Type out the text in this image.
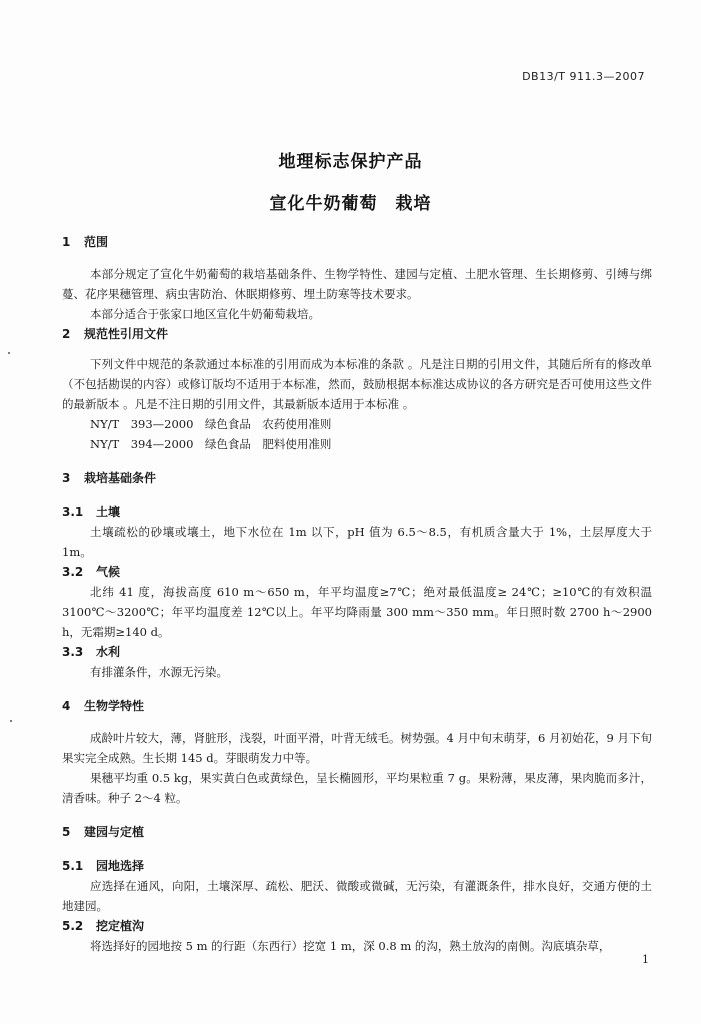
DB13/T 911.3—2007
地理标志保护产品
宣化牛奶葡萄　栽培
1 范围

本部分规定了宣化牛奶葡萄的栽培基础条件、生物学特性、建园与定植、土肥水管理、生长期修剪、引缚与绑蔓、花序果穗管理、病虫害防治、休眠期修剪、埋土防寒等技术要求。

本部分适合于张家口地区宣化牛奶葡萄栽培。

2 规范性引用文件

下列文件中规范的条款通过本标准的引用而成为本标准的条款 。凡是注日期的引用文件，其随后所有的修改单（不包括勘误的内容）或修订版均不适用于本标准，然而，鼓励根据本标准达成协议的各方研究是否可使用这些文件的最新版本 。凡是不注日期的引用文件，其最新版本适用于本标准 。

NY/T　393—2000　绿色食品　农药使用准则

NY/T　394—2000　绿色食品　肥料使用准则

3 栽培基础条件
3.1 土壤

土壤疏松的砂壤或壤土，地下水位在 1m 以下，pH 值为 6.5～8.5，有机质含量大于 1%，土层厚度大于 1m。

3.2 气候

北纬 41 度，海拔高度 610 m～650 m，年平均温度≥7℃；绝对最低温度≥ 24℃；≥10℃的有效积温 3100℃～3200℃；年平均温度差 12℃以上。年平均降雨量 300 mm～350 mm。年日照时数 2700 h～2900 h，无霜期≥140 d。

3.3 水利

有排灌条件，水源无污染。

4 生物学特性

成龄叶片较大，薄，肾脏形，浅裂，叶面平滑，叶背无绒毛。树势强。4 月中旬末萌芽，6 月初始花，9 月下旬果实完全成熟。生长期 145 d。芽眼萌发力中等。

果穗平均重 0.5 kg，果实黄白色或黄绿色，呈长椭圆形，平均果粒重 7 g。果粉薄，果皮薄，果肉脆而多汁，清香味。种子 2～4 粒。

5 建园与定植
5.1 园地选择

应选择在通风，向阳，土壤深厚、疏松、肥沃、微酸或微碱，无污染，有灌溉条件，排水良好，交通方便的土地建园。

5.2 挖定植沟

将选择好的园地按 5 m 的行距（东西行）挖宽 1 m，深 0.8 m 的沟，熟土放沟的南侧。沟底填杂草，

1
